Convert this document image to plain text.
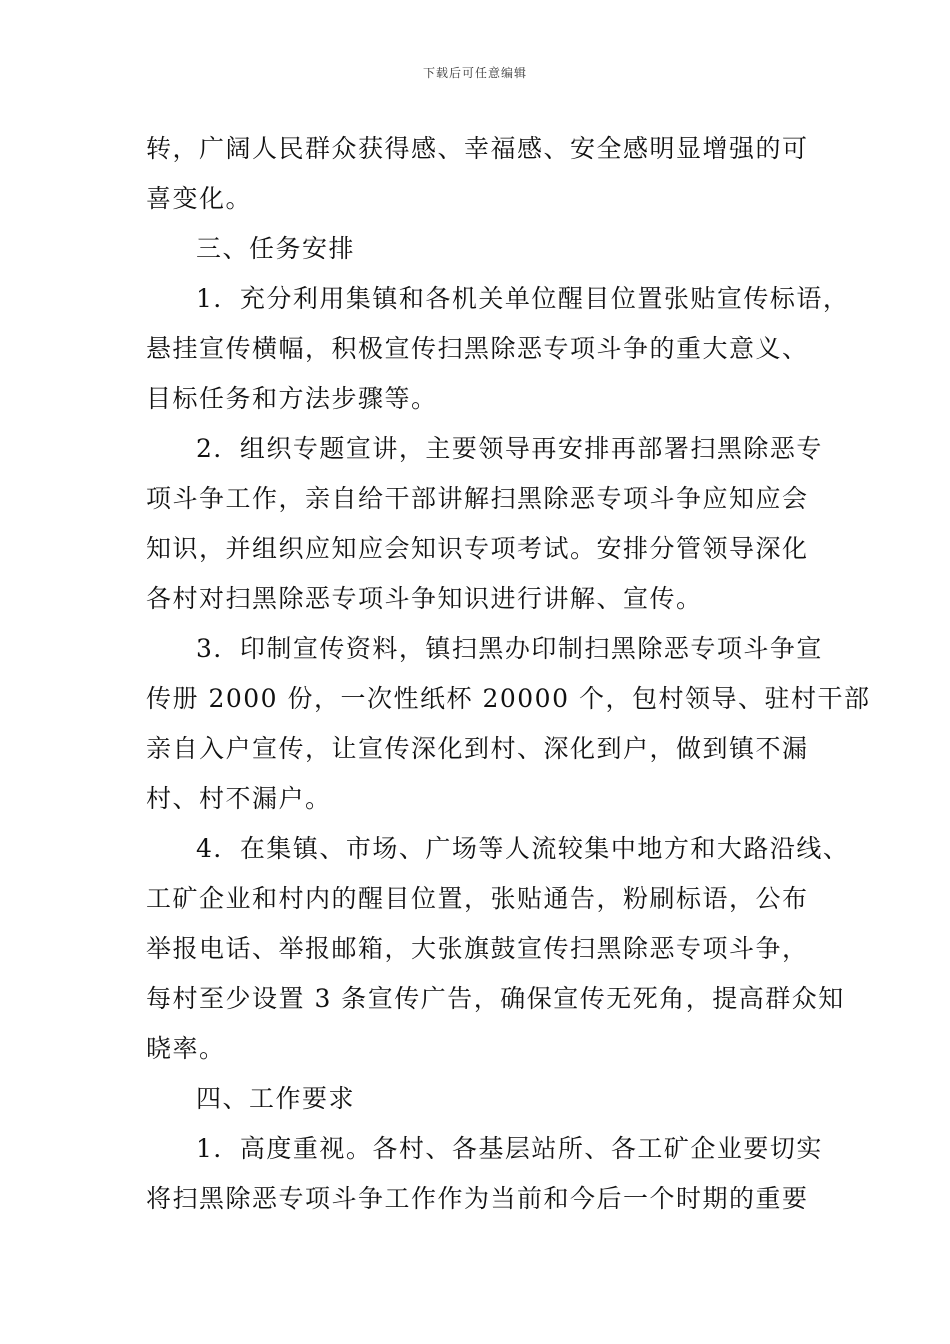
下载后可任意编辑
转，广阔人民群众获得感、幸福感、安全感明显增强的可
喜变化。
三、任务安排
1．充分利用集镇和各机关单位醒目位置张贴宣传标语，
悬挂宣传横幅，积极宣传扫黑除恶专项斗争的重大意义、
目标任务和方法步骤等。
2．组织专题宣讲，主要领导再安排再部署扫黑除恶专
项斗争工作，亲自给干部讲解扫黑除恶专项斗争应知应会
知识，并组织应知应会知识专项考试。安排分管领导深化
各村对扫黑除恶专项斗争知识进行讲解、宣传。
3．印制宣传资料，镇扫黑办印制扫黑除恶专项斗争宣
传册 2000 份，一次性纸杯 20000 个，包村领导、驻村干部
亲自入户宣传，让宣传深化到村、深化到户，做到镇不漏
村、村不漏户。
4．在集镇、市场、广场等人流较集中地方和大路沿线、
工矿企业和村内的醒目位置，张贴通告，粉刷标语，公布
举报电话、举报邮箱，大张旗鼓宣传扫黑除恶专项斗争，
每村至少设置 3 条宣传广告，确保宣传无死角，提高群众知
晓率。
四、工作要求
1．高度重视。各村、各基层站所、各工矿企业要切实
将扫黑除恶专项斗争工作作为当前和今后一个时期的重要
